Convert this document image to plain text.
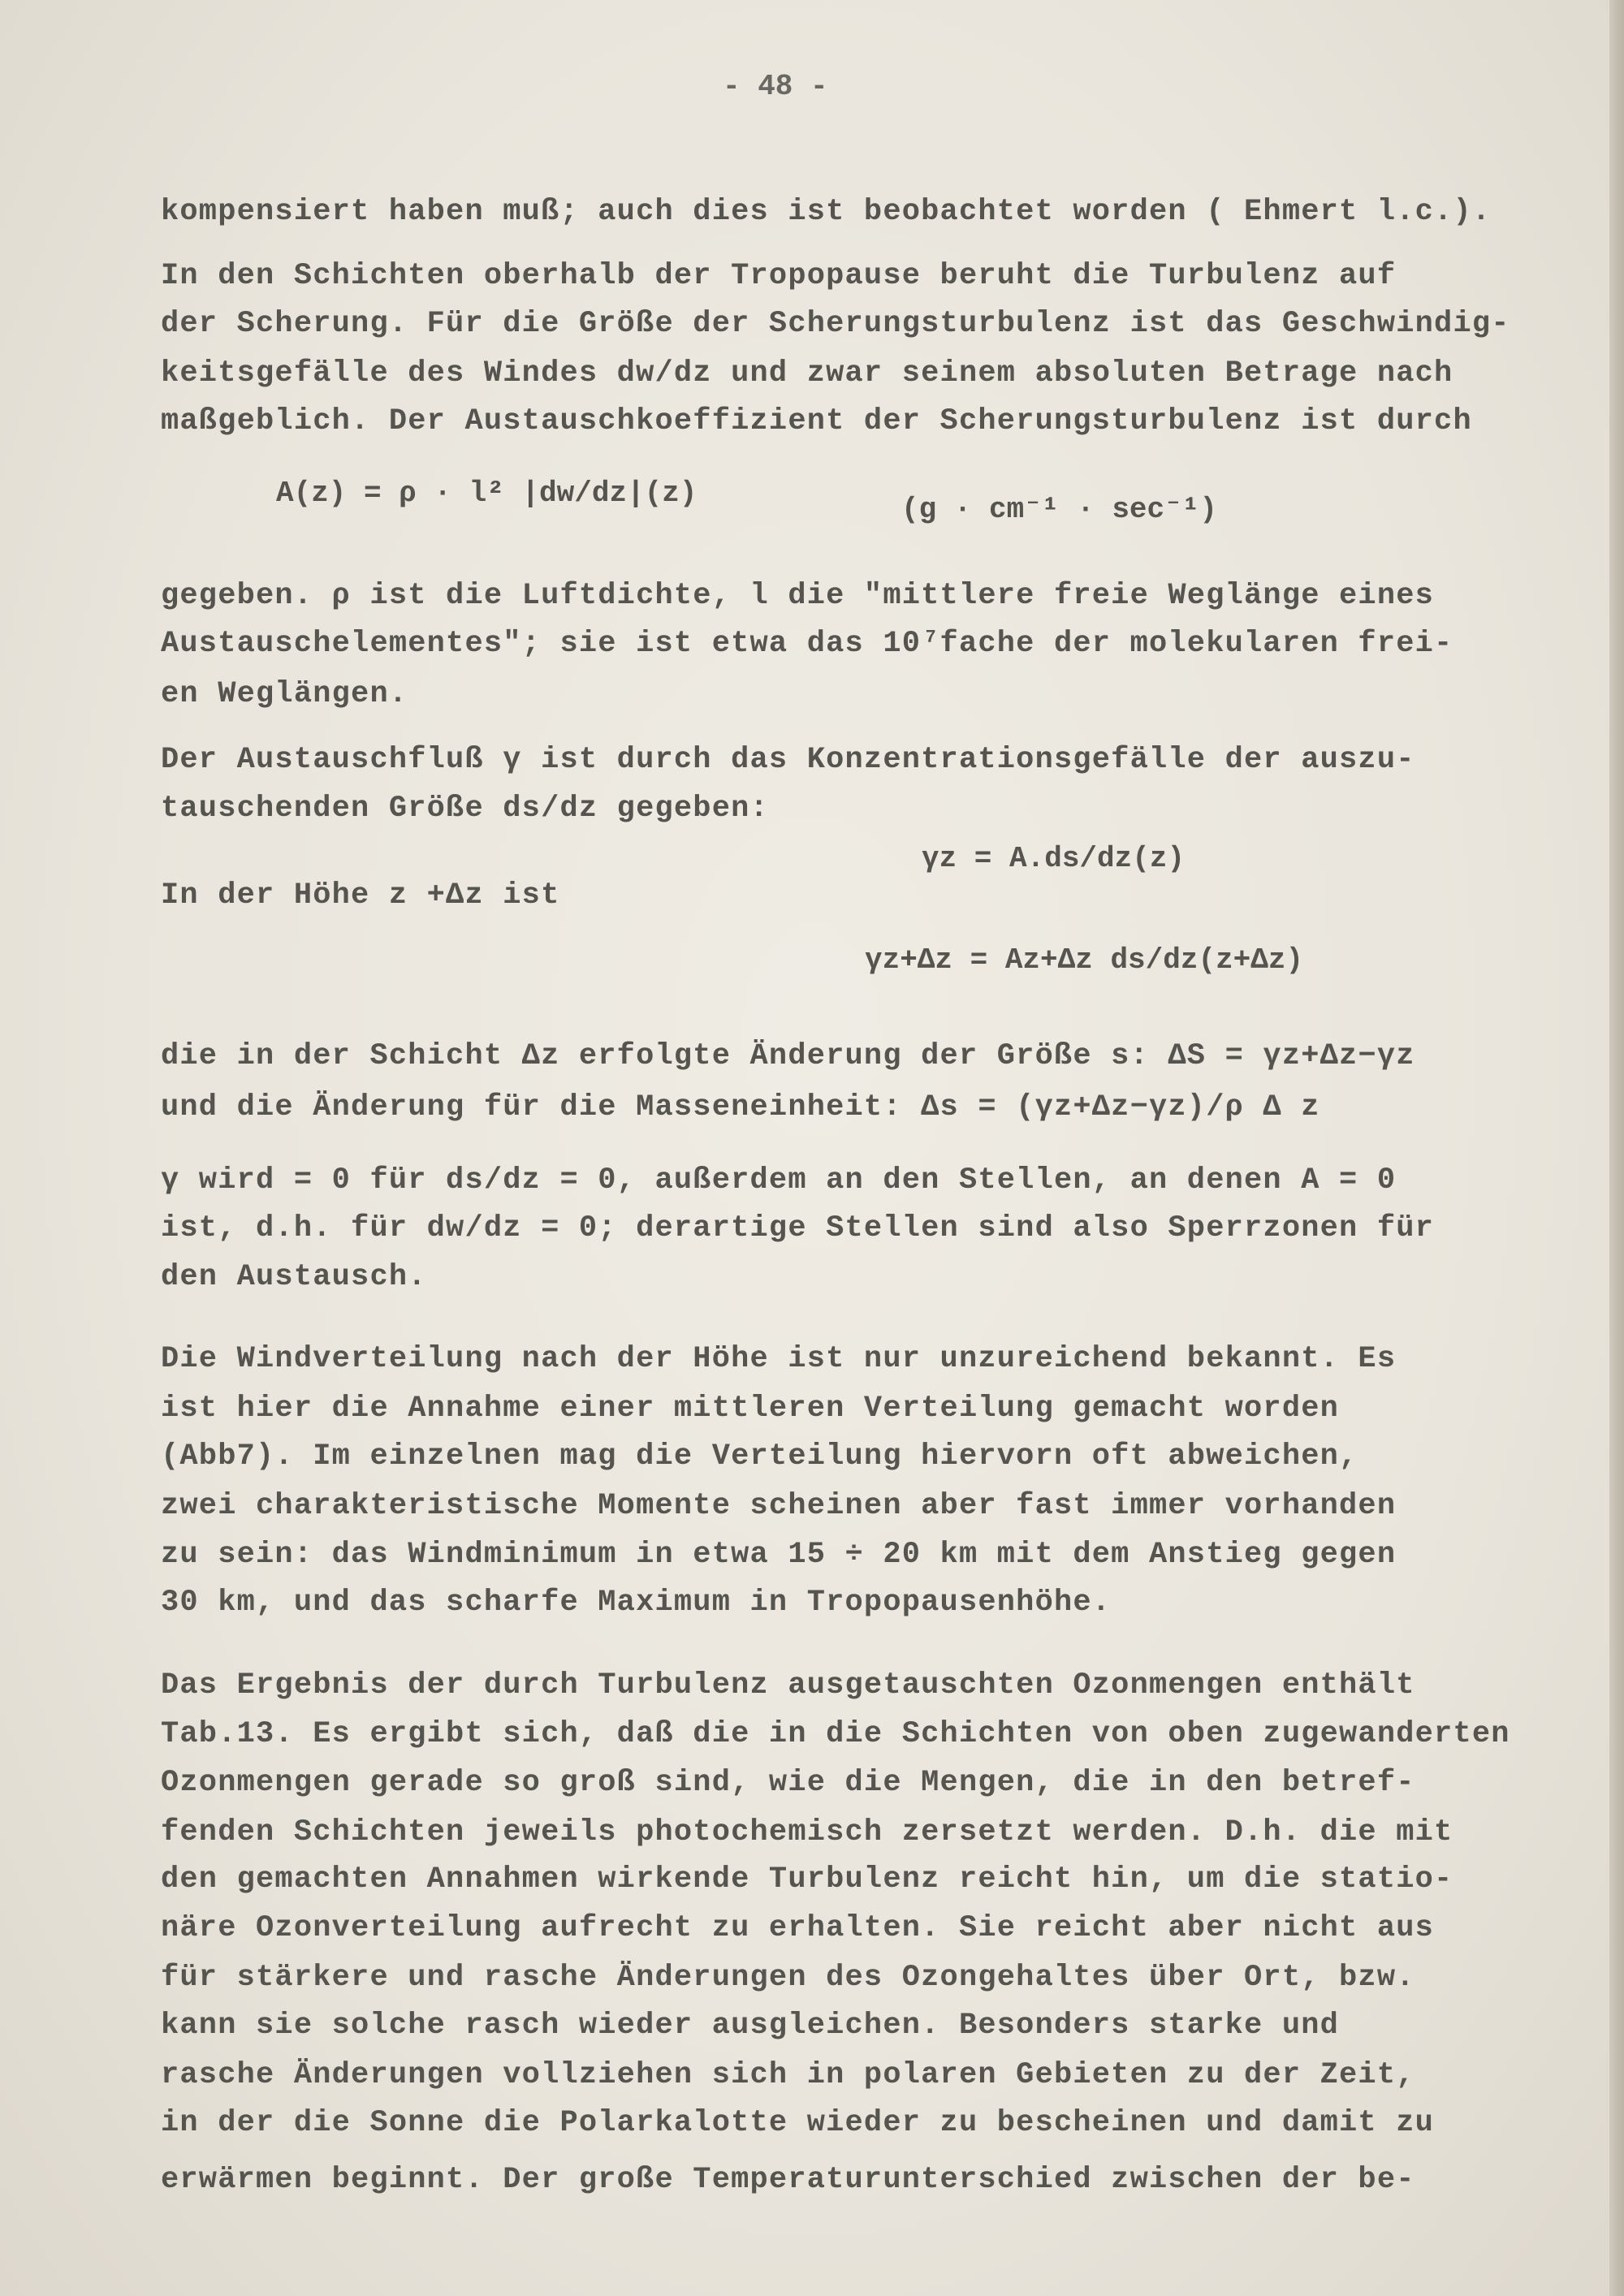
- 48 -
kompensiert haben muß; auch dies ist beobachtet worden ( Ehmert l.c.).
In den Schichten oberhalb der Tropopause beruht die Turbulenz auf
der Scherung. Für die Größe der Scherungsturbulenz ist das Geschwindig-
keitsgefälle des Windes dw/dz und zwar seinem absoluten Betrage nach
maßgeblich. Der Austauschkoeffizient der Scherungsturbulenz ist durch
A(z) = ρ · l² |dw/dz|(z)	(g · cm⁻¹ · sec⁻¹)
gegeben. ρ ist die Luftdichte, l die "mittlere freie Weglänge eines
Austauschelementes"; sie ist etwa das 10⁷fache der molekularen frei-
en Weglängen.
Der Austauschfluß γ ist durch das Konzentrationsgefälle der auszu-
tauschenden Größe ds/dz gegeben:
γz = A.ds/dz(z)
In der Höhe z +Δz ist
γz+Δz = Az+Δz ds/dz(z+Δz)
die in der Schicht Δz erfolgte Änderung der Größe s: ΔS = γz+Δz−γz
und die Änderung für die Masseneinheit: Δs = (γz+Δz−γz)/ρ Δ z
γ wird = 0 für ds/dz = 0, außerdem an den Stellen, an denen A = 0
ist, d.h. für dw/dz = 0; derartige Stellen sind also Sperrzonen für
den Austausch.
Die Windverteilung nach der Höhe ist nur unzureichend bekannt. Es
ist hier die Annahme einer mittleren Verteilung gemacht worden
(Abb7). Im einzelnen mag die Verteilung hiervorn oft abweichen,
zwei charakteristische Momente scheinen aber fast immer vorhanden
zu sein: das Windminimum in etwa 15 ÷ 20 km mit dem Anstieg gegen
30 km, und das scharfe Maximum in Tropopausenhöhe.
Das Ergebnis der durch Turbulenz ausgetauschten Ozonmengen enthält
Tab.13. Es ergibt sich, daß die in die Schichten von oben zugewanderten
Ozonmengen gerade so groß sind, wie die Mengen, die in den betref-
fenden Schichten jeweils photochemisch zersetzt werden. D.h. die mit
den gemachten Annahmen wirkende Turbulenz reicht hin, um die statio-
näre Ozonverteilung aufrecht zu erhalten. Sie reicht aber nicht aus
für stärkere und rasche Änderungen des Ozongehaltes über Ort, bzw.
kann sie solche rasch wieder ausgleichen. Besonders starke und
rasche Änderungen vollziehen sich in polaren Gebieten zu der Zeit,
in der die Sonne die Polarkalotte wieder zu bescheinen und damit zu
erwärmen beginnt. Der große Temperaturunterschied zwischen der be-
